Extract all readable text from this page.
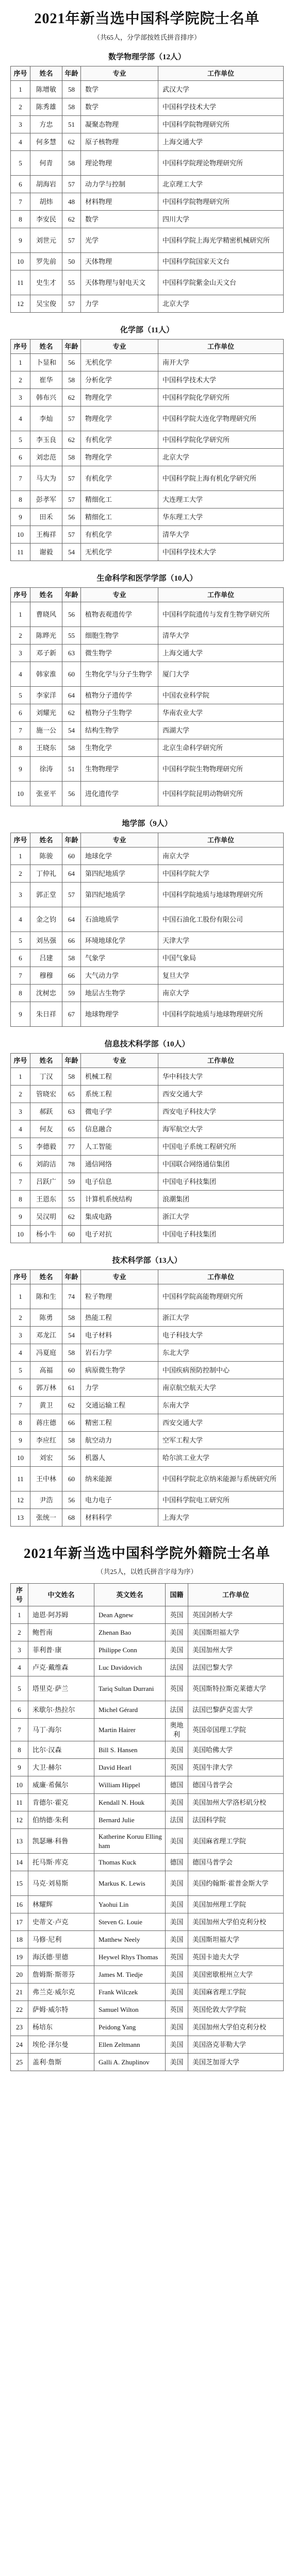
2021年新当选中国科学院院士名单
（共65人，分学部按姓氏拼音排序）
数学物理学部（12人）
序号	姓名	年龄	专业	工作单位
1	陈增敏	58	数学	武汉大学
2	陈秀雄	58	数学	中国科学技术大学
3	方忠	51	凝聚态物理	中国科学院物理研究所
4	何多慧	62	原子核物理	上海交通大学
5	何青	58	理论物理	中国科学院理论物理研究所
6	胡海岩	57	动力学与控制	北京理工大学
7	胡炜	48	材料物理	中国科学院物理研究所
8	李安民	62	数学	四川大学
9	刘世元	57	光学	中国科学院上海光学精密机械研究所
10	罗先前	50	天体物理	中国科学院国家天文台
11	史生才	55	天体物理与射电天文	中国科学院紫金山天文台
12	吴宝俊	57	力学	北京大学
化学部（11人）
序号	姓名	年龄	专业	工作单位
1	卜显和	56	无机化学	南开大学
2	崔华	58	分析化学	中国科学技术大学
3	韩布兴	62	物理化学	中国科学院化学研究所
4	李灿	57	物理化学	中国科学院大连化学物理研究所
5	李玉良	62	有机化学	中国科学院化学研究所
6	刘忠范	58	物理化学	北京大学
7	马大为	57	有机化学	中国科学院上海有机化学研究所
8	彭孝军	57	精细化工	大连理工大学
9	田禾	56	精细化工	华东理工大学
10	王梅祥	57	有机化学	清华大学
11	谢毅	54	无机化学	中国科学技术大学
生命科学和医学学部（10人）
序号	姓名	年龄	专业	工作单位
1	曹晓风	56	植物表观遗传学	中国科学院遗传与发育生物学研究所
2	陈晔光	55	细胞生物学	清华大学
3	邓子新	63	微生物学	上海交通大学
4	韩家淮	60	生物化学与分子生物学	厦门大学
5	李家洋	64	植物分子遗传学	中国农业科学院
6	刘耀光	62	植物分子生物学	华南农业大学
7	施一公	54	结构生物学	西湖大学
8	王晓东	58	生物化学	北京生命科学研究所
9	徐涛	51	生物物理学	中国科学院生物物理研究所
10	张亚平	56	进化遗传学	中国科学院昆明动物研究所
地学部（9人）
序号	姓名	年龄	专业	工作单位
1	陈骏	60	地球化学	南京大学
2	丁仲礼	64	第四纪地质学	中国科学院大学
3	郭正堂	57	第四纪地质学	中国科学院地质与地球物理研究所
4	金之钧	64	石油地质学	中国石油化工股份有限公司
5	刘丛强	66	环境地球化学	天津大学
6	吕建	58	气象学	中国气象局
7	穆穆	66	大气动力学	复旦大学
8	沈树忠	59	地层古生物学	南京大学
9	朱日祥	67	地球物理学	中国科学院地质与地球物理研究所
信息技术科学部（10人）
序号	姓名	年龄	专业	工作单位
1	丁汉	58	机械工程	华中科技大学
2	管晓宏	65	系统工程	西安交通大学
3	郝跃	63	微电子学	西安电子科技大学
4	何友	65	信息融合	海军航空大学
5	李德毅	77	人工智能	中国电子系统工程研究所
6	刘韵洁	78	通信网络	中国联合网络通信集团
7	吕跃广	59	电子信息	中国电子科技集团
8	王恩东	55	计算机系统结构	浪潮集团
9	吴汉明	62	集成电路	浙江大学
10	杨小牛	60	电子对抗	中国电子科技集团
技术科学部（13人）
序号	姓名	年龄	专业	工作单位
1	陈和生	74	粒子物理	中国科学院高能物理研究所
2	陈勇	58	热能工程	浙江大学
3	邓龙江	54	电子材料	电子科技大学
4	冯夏庭	58	岩石力学	东北大学
5	高福	60	病原微生物学	中国疾病预防控制中心
6	郭万林	61	力学	南京航空航天大学
7	黄卫	62	交通运输工程	东南大学
8	蒋庄德	66	精密工程	西安交通大学
9	李应红	58	航空动力	空军工程大学
10	刘宏	56	机器人	哈尔滨工业大学
11	王中林	60	纳米能源	中国科学院北京纳米能源与系统研究所
12	尹浩	56	电力电子	中国科学院电工研究所
13	张统一	68	材料科学	上海大学
2021年新当选中国科学院外籍院士名单
（共25人，以姓氏拼音字母为序）
序号	中文姓名	英文姓名	国籍	工作单位
1	迪恩·阿苏姆	Dean Agnew	英国	英国剑桥大学
2	鲍哲南	Zhenan Bao	美国	美国斯坦福大学
3	菲利普·康	Philippe Conn	美国	美国加州大学
4	卢克·戴维森	Luc Davidovich	法国	法国巴黎大学
5	塔里克·萨兰	Tariq Sultan Durrani	英国	英国斯特拉斯克莱德大学
6	米歇尔·热拉尔	Michel Gérard	法国	法国巴黎萨克雷大学
7	马丁·海尔	Martin Hairer	奥地利	英国帝国理工学院
8	比尔·汉森	Bill S. Hansen	美国	美国哈佛大学
9	大卫·赫尔	David Hearl	英国	英国牛津大学
10	威廉·希佩尔	William Hippel	德国	德国马普学会
11	肯德尔·霍克	Kendall N. Houk	美国	美国加州大学洛杉矶分校
12	伯纳德·朱利	Bernard Julie	法国	法国科学院
13	凯瑟琳·科鲁	Katherine Koruu Ellingham	美国	美国麻省理工学院
14	托马斯·库克	Thomas Kuck	德国	德国马普学会
15	马克·刘易斯	Markus K. Lewis	美国	美国约翰斯·霍普金斯大学
16	林耀辉	Yaohui Lin	美国	美国加州理工学院
17	史蒂文·卢克	Steven G. Louie	美国	美国加州大学伯克利分校
18	马修·尼利	Matthew Neely	美国	美国斯坦福大学
19	海沃德·里德	Heywel Rhys Thomas	英国	英国卡迪夫大学
20	詹姆斯·斯蒂芬	James M. Tiedje	美国	美国密歇根州立大学
21	弗兰克·威尔克	Frank Wilczek	美国	美国麻省理工学院
22	萨姆·威尔特	Samuel Wilton	英国	英国伦敦大学学院
23	杨培东	Peidong Yang	美国	美国加州大学伯克利分校
24	埃伦·泽尔曼	Ellen Zeltmann	美国	美国洛克菲勒大学
25	盖利·詹斯	Galli A. Zhuplinov	美国	美国芝加哥大学
